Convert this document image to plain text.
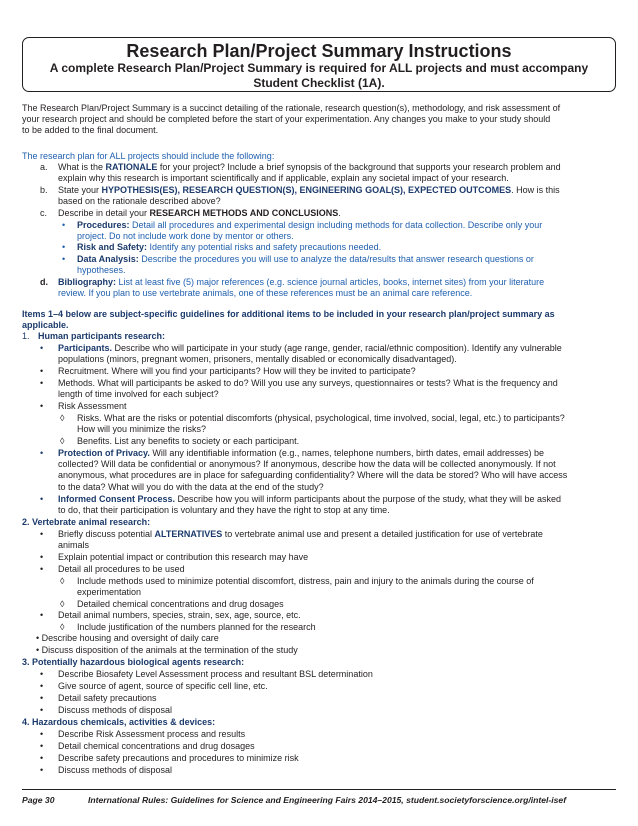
Research Plan/Project Summary Instructions
A complete Research Plan/Project Summary is required for ALL projects and must accompany
Student Checklist (1A).
The Research Plan/Project Summary is a succinct detailing of the rationale, research question(s), methodology, and risk assessment of
your research project and should be completed before the start of your experimentation. Any changes you make to your study should
to be added to the final document.
The research plan for ALL projects should include the following:
a. What is the RATIONALE for your project? Include a brief synopsis of the background that supports your research problem and
explain why this research is important scientifically and if applicable, explain any societal impact of your research.
b. State your HYPOTHESIS(ES), RESEARCH QUESTION(S), ENGINEERING GOAL(S), EXPECTED OUTCOMES. How is this
based on the rationale described above?
c. Describe in detail your RESEARCH METHODS AND CONCLUSIONS.
• Procedures: Detail all procedures and experimental design including methods for data collection. Describe only your
project. Do not include work done by mentor or others.
• Risk and Safety: Identify any potential risks and safety precautions needed.
• Data Analysis: Describe the procedures you will use to analyze the data/results that answer research questions or
hypotheses.
d. Bibliography: List at least five (5) major references (e.g. science journal articles, books, internet sites) from your literature
review. If you plan to use vertebrate animals, one of these references must be an animal care reference.
Items 1–4 below are subject-specific guidelines for additional items to be included in your research plan/project summary as
applicable.
1. Human participants research:
• Participants. Describe who will participate in your study (age range, gender, racial/ethnic composition). Identify any vulnerable
populations (minors, pregnant women, prisoners, mentally disabled or economically disadvantaged).
• Recruitment. Where will you find your participants? How will they be invited to participate?
• Methods. What will participants be asked to do? Will you use any surveys, questionnaires or tests? What is the frequency and
length of time involved for each subject?
• Risk Assessment
◊ Risks. What are the risks or potential discomforts (physical, psychological, time involved, social, legal, etc.) to participants?
How will you minimize the risks?
◊ Benefits. List any benefits to society or each participant.
• Protection of Privacy. Will any identifiable information (e.g., names, telephone numbers, birth dates, email addresses) be
collected? Will data be confidential or anonymous? If anonymous, describe how the data will be collected anonymously. If not
anonymous, what procedures are in place for safeguarding confidentiality? Where will the data be stored? Who will have access
to the data? What will you do with the data at the end of the study?
• Informed Consent Process. Describe how you will inform participants about the purpose of the study, what they will be asked
to do, that their participation is voluntary and they have the right to stop at any time.
2. Vertebrate animal research:
• Briefly discuss potential ALTERNATIVES to vertebrate animal use and present a detailed justification for use of vertebrate
animals
• Explain potential impact or contribution this research may have
• Detail all procedures to be used
◊ Include methods used to minimize potential discomfort, distress, pain and injury to the animals during the course of
experimentation
◊ Detailed chemical concentrations and drug dosages
• Detail animal numbers, species, strain, sex, age, source, etc.
◊ Include justification of the numbers planned for the research
• Describe housing and oversight of daily care
• Discuss disposition of the animals at the termination of the study
3. Potentially hazardous biological agents research:
• Describe Biosafety Level Assessment process and resultant BSL determination
• Give source of agent, source of specific cell line, etc.
• Detail safety precautions
• Discuss methods of disposal
4. Hazardous chemicals, activities & devices:
• Describe Risk Assessment process and results
• Detail chemical concentrations and drug dosages
• Describe safety precautions and procedures to minimize risk
• Discuss methods of disposal
Page 30	International Rules: Guidelines for Science and Engineering Fairs 2014–2015, student.societyforscience.org/intel-isef
